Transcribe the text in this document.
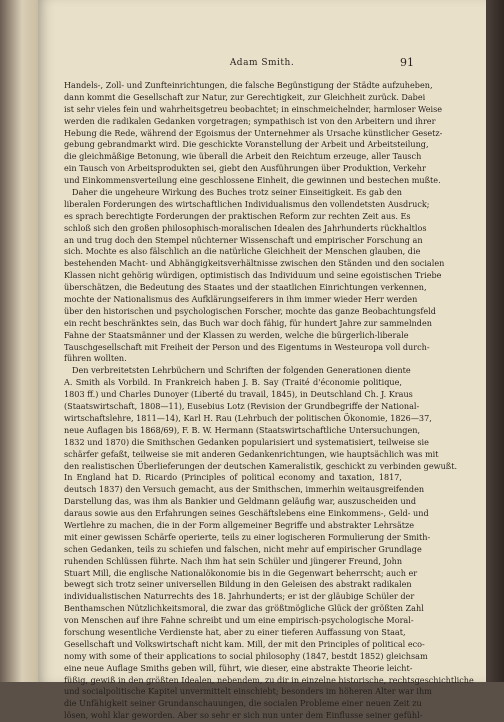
Adam Smith.	91
Handels-, Zoll- und Zunfteinrichtungen, die falsche Begünstigung der Städte aufzuheben,
dann kommt die Gesellschaft zur Natur, zur Gerechtigkeit, zur Gleichheit zurück. Dabei
ist sehr vieles fein und wahrheitsgetreu beobachtet; in einschmeichelnder, harmloser Weise
werden die radikalen Gedanken vorgetragen; sympathisch ist von den Arbeitern und ihrer
Hebung die Rede, während der Egoismus der Unternehmer als Ursache künstlicher Gesetz-
gebung gebrandmarkt wird. Die geschickte Voranstellung der Arbeit und Arbeitsteilung,
die gleichmäßige Betonung, wie überall die Arbeit den Reichtum erzeuge, aller Tausch
ein Tausch von Arbeitsprodukten sei, giebt den Ausführungen über Produktion, Verkehr
und Einkommensverteilung eine geschlossene Einheit, die gewinnen und bestechen mußte.
Daher die ungeheure Wirkung des Buches trotz seiner Einseitigkeit. Es gab den
liberalen Forderungen des wirtschaftlichen Individualismus den vollendetsten Ausdruck;
es sprach berechtigte Forderungen der praktischen Reform zur rechten Zeit aus. Es
schloß sich den großen philosophisch-moralischen Idealen des Jahrhunderts rückhaltlos
an und trug doch den Stempel nüchterner Wissenschaft und empirischer Forschung an
sich. Mochte es also fälschlich an die natürliche Gleichheit der Menschen glauben, die
bestehenden Macht- und Abhängigkeitsverhältnisse zwischen den Ständen und den socialen
Klassen nicht gehörig würdigen, optimistisch das Individuum und seine egoistischen Triebe
überschätzen, die Bedeutung des Staates und der staatlichen Einrichtungen verkennen,
mochte der Nationalismus des Aufklärungseiferers in ihm immer wieder Herr werden
über den historischen und psychologischen Forscher, mochte das ganze Beobachtungsfeld
ein recht beschränktes sein, das Buch war doch fähig, für hundert Jahre zur sammelnden
Fahne der Staatsmänner und der Klassen zu werden, welche die bürgerlich-liberale
Tauschgesellschaft mit Freiheit der Person und des Eigentums in Westeuropa voll durch-
führen wollten.
Den verbreitetsten Lehrbüchern und Schriften der folgenden Generationen diente
A. Smith als Vorbild. In Frankreich haben J. B. Say (Traité d'économie politique,
1803 ff.) und Charles Dunoyer (Liberté du travail, 1845), in Deutschland Ch. J. Kraus
(Staatswirtschaft, 1808—11), Eusebius Lotz (Revision der Grundbegriffe der National-
wirtschaftslehre, 1811—14), Karl H. Rau (Lehrbuch der politischen Ökonomie, 1826—37,
neue Auflagen bis 1868/69), F. B. W. Hermann (Staatswirtschaftliche Untersuchungen,
1832 und 1870) die Smithschen Gedanken popularisiert und systematisiert, teilweise sie
schärfer gefaßt, teilweise sie mit anderen Gedankenrichtungen, wie hauptsächlich was mit
den realistischen Überlieferungen der deutschen Kameralistik, geschickt zu verbinden gewußt.
In England hat D. Ricardo (Principles of political economy and taxation, 1817,
deutsch 1837) den Versuch gemacht, aus der Smithschen, immerhin weitausgreifenden
Darstellung das, was ihm als Bankier und Geldmann geläufig war, auszuscheiden und
daraus sowie aus den Erfahrungen seines Geschäftslebens eine Einkommens-, Geld- und
Wertlehre zu machen, die in der Form allgemeiner Begriffe und abstrakter Lehrsätze
mit einer gewissen Schärfe operierte, teils zu einer logischeren Formulierung der Smith-
schen Gedanken, teils zu schiefen und falschen, nicht mehr auf empirischer Grundlage
ruhenden Schlüssen führte. Nach ihm hat sein Schüler und jüngerer Freund, John
Stuart Mill, die englische Nationalökonomie bis in die Gegenwart beherrscht; auch er
bewegt sich trotz seiner universellen Bildung in den Geleisen des abstrakt radikalen
individualistischen Naturrechts des 18. Jahrhunderts; er ist der gläubige Schüler der
Benthamschen Nützlichkeitsmoral, die zwar das größtmögliche Glück der größten Zahl
von Menschen auf ihre Fahne schreibt und um eine empirisch-psychologische Moral-
forschung wesentliche Verdienste hat, aber zu einer tieferen Auffassung von Staat,
Gesellschaft und Volkswirtschaft nicht kam. Mill, der mit den Principles of political eco-
nomy with some of their applications to social philosophy (1847, bestdt 1852) gleichsam
eine neue Auflage Smiths geben will, führt, wie dieser, eine abstrakte Theorie leicht-
füßig, gewiß in den größten Idealen, nebendem, zu dir in einzelne historische, rechtsgeschichtliche
und socialpolitische Kapitel unvermittelt einschiebt; besonders im höheren Alter war ihm
die Unfähigkeit seiner Grundanschauungen, die socialen Probleme einer neuen Zeit zu
lösen, wohl klar geworden. Aber so sehr er sich nun unter dem Einflusse seiner gefühl-
